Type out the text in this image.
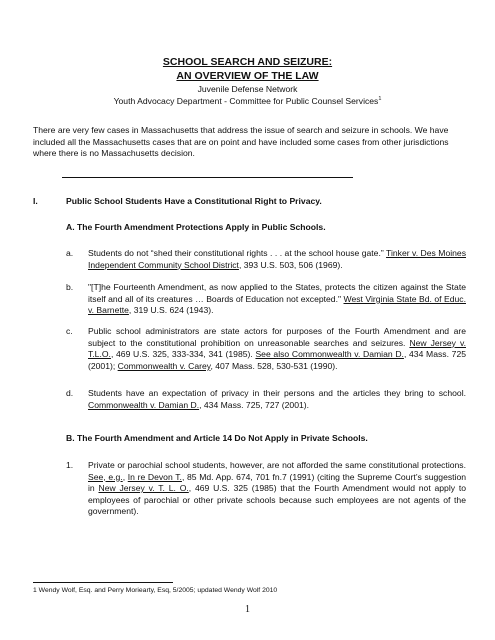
SCHOOL SEARCH AND SEIZURE:
AN OVERVIEW OF THE LAW
Juvenile Defense Network
Youth Advocacy Department - Committee for Public Counsel Services$^1$
There are very few cases in Massachusetts that address the issue of search and seizure in schools. We have included all the Massachusetts cases that are on point and have included some cases from other jurisdictions where there is no Massachusetts decision.
I.	Public School Students Have a Constitutional Right to Privacy.
A. The Fourth Amendment Protections Apply in Public Schools.
a. Students do not “shed their constitutional rights . . . at the school house gate.” Tinker v. Des Moines Independent Community School District, 393 U.S. 503, 506 (1969).
b. "[T]he Fourteenth Amendment, as now applied to the States, protects the citizen against the State itself and all of its creatures … Boards of Education not excepted." West Virginia State Bd. of Educ. v. Barnette, 319 U.S. 624 (1943).
c. Public school administrators are state actors for purposes of the Fourth Amendment and are subject to the constitutional prohibition on unreasonable searches and seizures. New Jersey v. T.L.O., 469 U.S. 325, 333-334, 341 (1985). See also Commonwealth v. Damian D., 434 Mass. 725 (2001); Commonwealth v. Carey, 407 Mass. 528, 530-531 (1990).
d. Students have an expectation of privacy in their persons and the articles they bring to school. Commonwealth v. Damian D., 434 Mass. 725, 727 (2001).
B. The Fourth Amendment and Article 14 Do Not Apply in Private Schools.
1. Private or parochial school students, however, are not afforded the same constitutional protections. See, e.g., In re Devon T., 85 Md. App. 674, 701 fn.7 (1991) (citing the Supreme Court’s suggestion in New Jersey v. T. L. O., 469 U.S. 325 (1985) that the Fourth Amendment would not apply to employees of parochial or other private schools because such employees are not agents of the government).
1 Wendy Wolf, Esq. and Perry Moriearty, Esq, 5/2005; updated Wendy Wolf 2010
1
